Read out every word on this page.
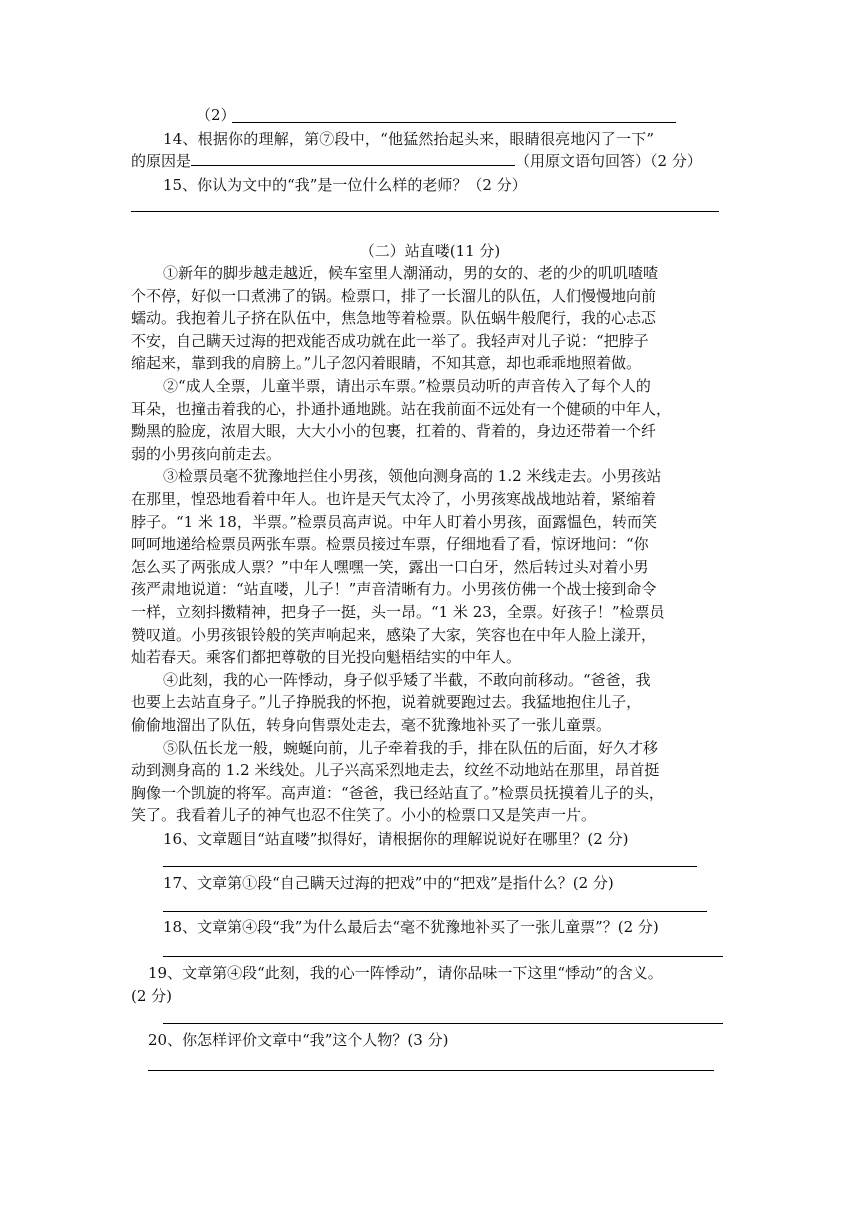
（2）
14、根据你的理解，第⑦段中，“他猛然抬起头来，眼睛很亮地闪了一下”
的原因是	（用原文语句回答）（2 分）
15、你认为文中的“我”是一位什么样的老师？（2 分）
（二）站直喽(11 分)
①新年的脚步越走越近，候车室里人潮涌动，男的女的、老的少的叽叽喳喳
个不停，好似一口煮沸了的锅。检票口，排了一长溜儿的队伍，人们慢慢地向前
蠕动。我抱着儿子挤在队伍中，焦急地等着检票。队伍蜗牛般爬行，我的心忐忑
不安，自己瞒天过海的把戏能否成功就在此一举了。我轻声对儿子说：“把脖子
缩起来，靠到我的肩膀上。”儿子忽闪着眼睛，不知其意，却也乖乖地照着做。
②“成人全票，儿童半票，请出示车票。”检票员动听的声音传入了每个人的
耳朵，也撞击着我的心，扑通扑通地跳。站在我前面不远处有一个健硕的中年人，
黝黑的脸庞，浓眉大眼，大大小小的包裹，扛着的、背着的，身边还带着一个纤
弱的小男孩向前走去。
③检票员毫不犹豫地拦住小男孩，领他向测身高的 1.2 米线走去。小男孩站
在那里，惶恐地看着中年人。也许是天气太冷了，小男孩寒战战地站着，紧缩着
脖子。“1 米 18，半票。”检票员高声说。中年人盯着小男孩，面露愠色，转而笑
呵呵地递给检票员两张车票。检票员接过车票，仔细地看了看，惊讶地问：“你
怎么买了两张成人票？”中年人嘿嘿一笑，露出一口白牙，然后转过头对着小男
孩严肃地说道：“站直喽，儿子！”声音清晰有力。小男孩仿佛一个战士接到命令
一样，立刻抖擞精神，把身子一挺，头一昂。“1 米 23，全票。好孩子！”检票员
赞叹道。小男孩银铃般的笑声响起来，感染了大家，笑容也在中年人脸上漾开，
灿若春天。乘客们都把尊敬的目光投向魁梧结实的中年人。
④此刻，我的心一阵悸动，身子似乎矮了半截，不敢向前移动。“爸爸，我
也要上去站直身子。”儿子挣脱我的怀抱，说着就要跑过去。我猛地抱住儿子，
偷偷地溜出了队伍，转身向售票处走去，毫不犹豫地补买了一张儿童票。
⑤队伍长龙一般，蜿蜒向前，儿子牵着我的手，排在队伍的后面，好久才移
动到测身高的 1.2 米线处。儿子兴高采烈地走去，纹丝不动地站在那里，昂首挺
胸像一个凯旋的将军。高声道：“爸爸，我已经站直了。”检票员抚摸着儿子的头，
笑了。我看着儿子的神气也忍不住笑了。小小的检票口又是笑声一片。
16、文章题目“站直喽”拟得好，请根据你的理解说说好在哪里？(2 分)
17、文章第①段“自己瞒天过海的把戏”中的“把戏”是指什么？(2 分)
18、文章第④段“我”为什么最后去“毫不犹豫地补买了一张儿童票”？(2 分)
19、文章第④段“此刻，我的心一阵悸动”，请你品味一下这里“悸动”的含义。
(2 分)
20、你怎样评价文章中“我”这个人物？(3 分)
